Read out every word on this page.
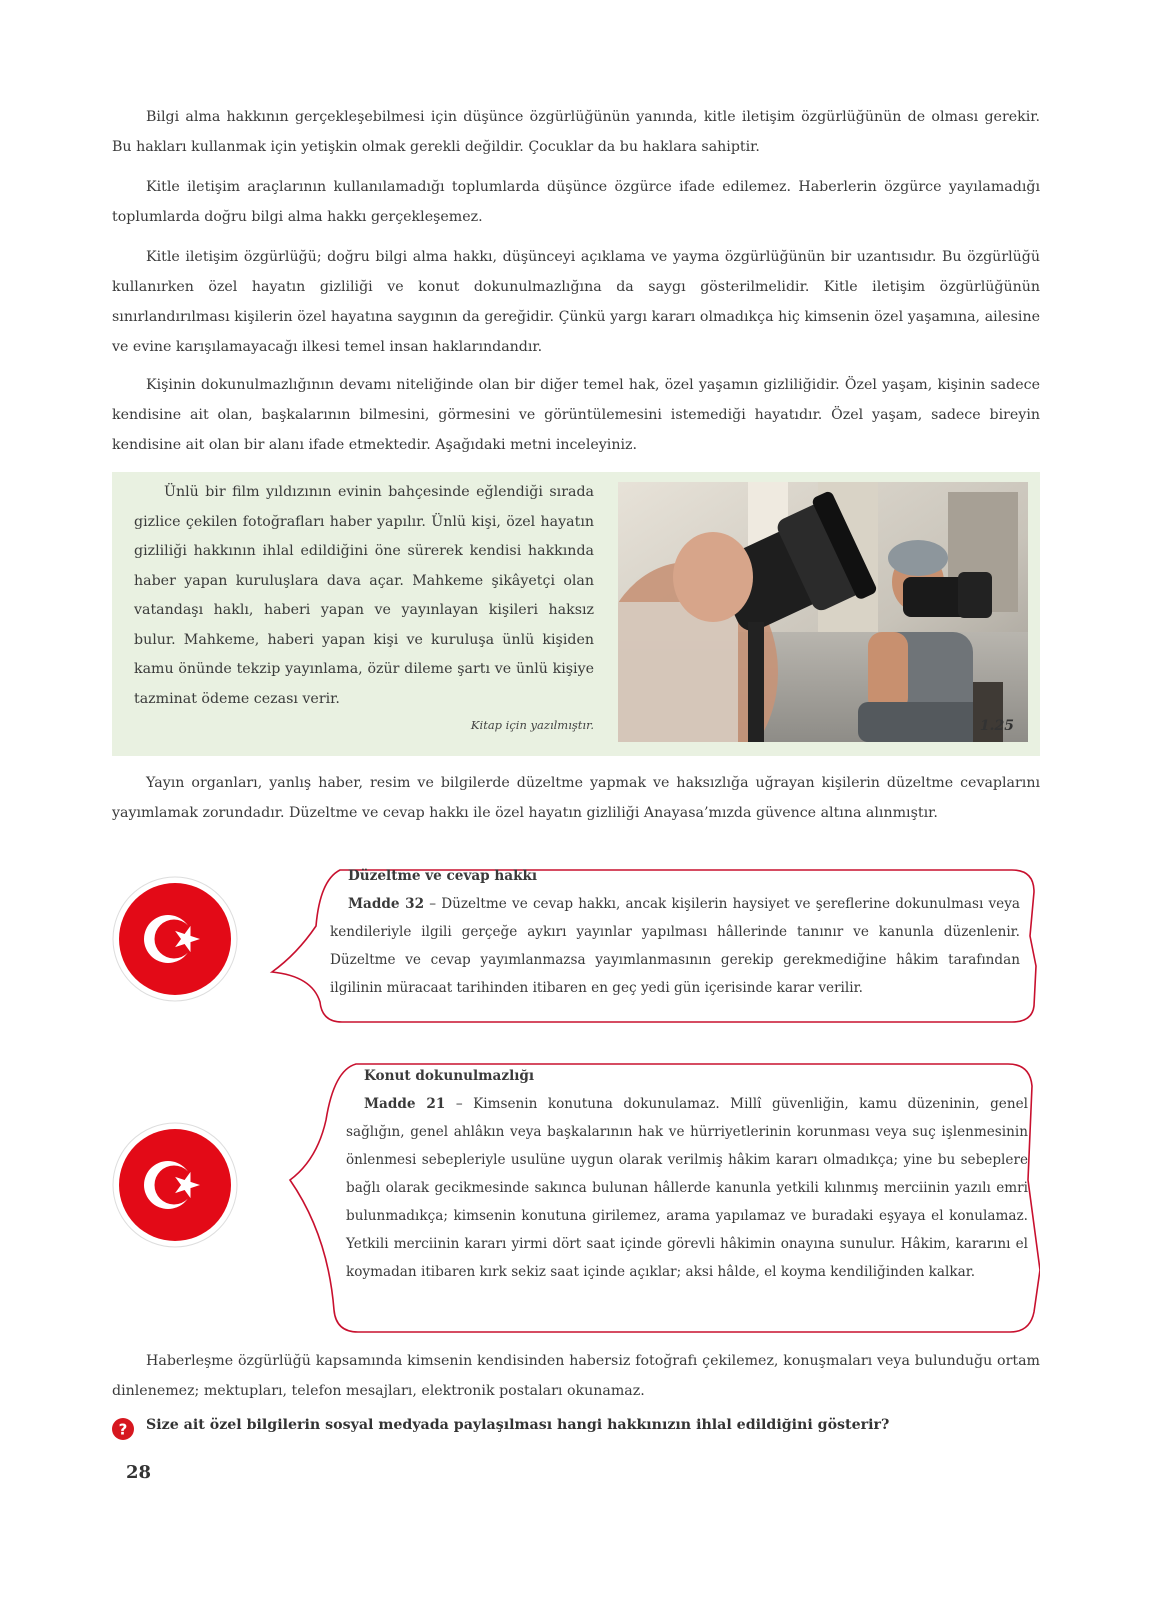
Bilgi alma hakkının gerçekleşebilmesi için düşünce özgürlüğünün yanında, kitle iletişim özgürlüğünün de olması gerekir. Bu hakları kullanmak için yetişkin olmak gerekli değildir. Çocuklar da bu haklara sahiptir.

Kitle iletişim araçlarının kullanılamadığı toplumlarda düşünce özgürce ifade edilemez. Haberlerin özgürce yayılamadığı toplumlarda doğru bilgi alma hakkı gerçekleşemez.

Kitle iletişim özgürlüğü; doğru bilgi alma hakkı, düşünceyi açıklama ve yayma özgürlüğünün bir uzantısıdır. Bu özgürlüğü kullanırken özel hayatın gizliliği ve konut dokunulmazlığına da saygı gösterilmelidir. Kitle iletişim özgürlüğünün sınırlandırılması kişilerin özel hayatına saygının da gereğidir. Çünkü yargı kararı olmadıkça hiç kimsenin özel yaşamına, ailesine ve evine karışılamayacağı ilkesi temel insan haklarındandır.

Kişinin dokunulmazlığının devamı niteliğinde olan bir diğer temel hak, özel yaşamın gizliliğidir. Özel yaşam, kişinin sadece kendisine ait olan, başkalarının bilmesini, görmesini ve görüntülemesini istemediği hayatıdır. Özel yaşam, sadece bireyin kendisine ait olan bir alanı ifade etmektedir. Aşağıdaki metni inceleyiniz.

Ünlü bir film yıldızının evinin bahçesinde eğlendiği sırada gizlice çekilen fotoğrafları haber yapılır. Ünlü kişi, özel hayatın gizliliği hakkının ihlal edildiğini öne sürerek kendisi hakkında haber yapan kuruluşlara dava açar. Mahkeme şikâyetçi olan vatandaşı haklı, haberi yapan ve yayınlayan kişileri haksız bulur. Mahkeme, haberi yapan kişi ve kuruluşa ünlü kişiden kamu önünde tekzip yayınlama, özür dileme şartı ve ünlü kişiye tazminat ödeme cezası verir.

Kitap için yazılmıştır.	1.25

Yayın organları, yanlış haber, resim ve bilgilerde düzeltme yapmak ve haksızlığa uğrayan kişilerin düzeltme cevaplarını yayımlamak zorundadır. Düzeltme ve cevap hakkı ile özel hayatın gizliliği Anayasa’mızda güvence altına alınmıştır.

Düzeltme ve cevap hakkı
Madde 32 – Düzeltme ve cevap hakkı, ancak kişilerin haysiyet ve şereflerine dokunulması veya kendileriyle ilgili gerçeğe aykırı yayınlar yapılması hâllerinde tanınır ve kanunla düzenlenir. Düzeltme ve cevap yayımlanmazsa yayımlanmasının gerekip gerekmediğine hâkim tarafından ilgilinin müracaat tarihinden itibaren en geç yedi gün içerisinde karar verilir.

Konut dokunulmazlığı
Madde 21 – Kimsenin konutuna dokunulamaz. Millî güvenliğin, kamu düzeninin, genel sağlığın, genel ahlâkın veya başkalarının hak ve hürriyetlerinin korunması veya suç işlenmesinin önlenmesi sebepleriyle usulüne uygun olarak verilmiş hâkim kararı olmadıkça; yine bu sebeplere bağlı olarak gecikmesinde sakınca bulunan hâllerde kanunla yetkili kılınmış merciinin yazılı emri bulunmadıkça; kimsenin konutuna girilemez, arama yapılamaz ve buradaki eşyaya el konulamaz. Yetkili merciinin kararı yirmi dört saat içinde görevli hâkimin onayına sunulur. Hâkim, kararını el koymadan itibaren kırk sekiz saat içinde açıklar; aksi hâlde, el koyma kendiliğinden kalkar.

Haberleşme özgürlüğü kapsamında kimsenin kendisinden habersiz fotoğrafı çekilemez, konuşmaları veya bulunduğu ortam dinlenemez; mektupları, telefon mesajları, elektronik postaları okunamaz.

? Size ait özel bilgilerin sosyal medyada paylaşılması hangi hakkınızın ihlal edildiğini gösterir?
28
